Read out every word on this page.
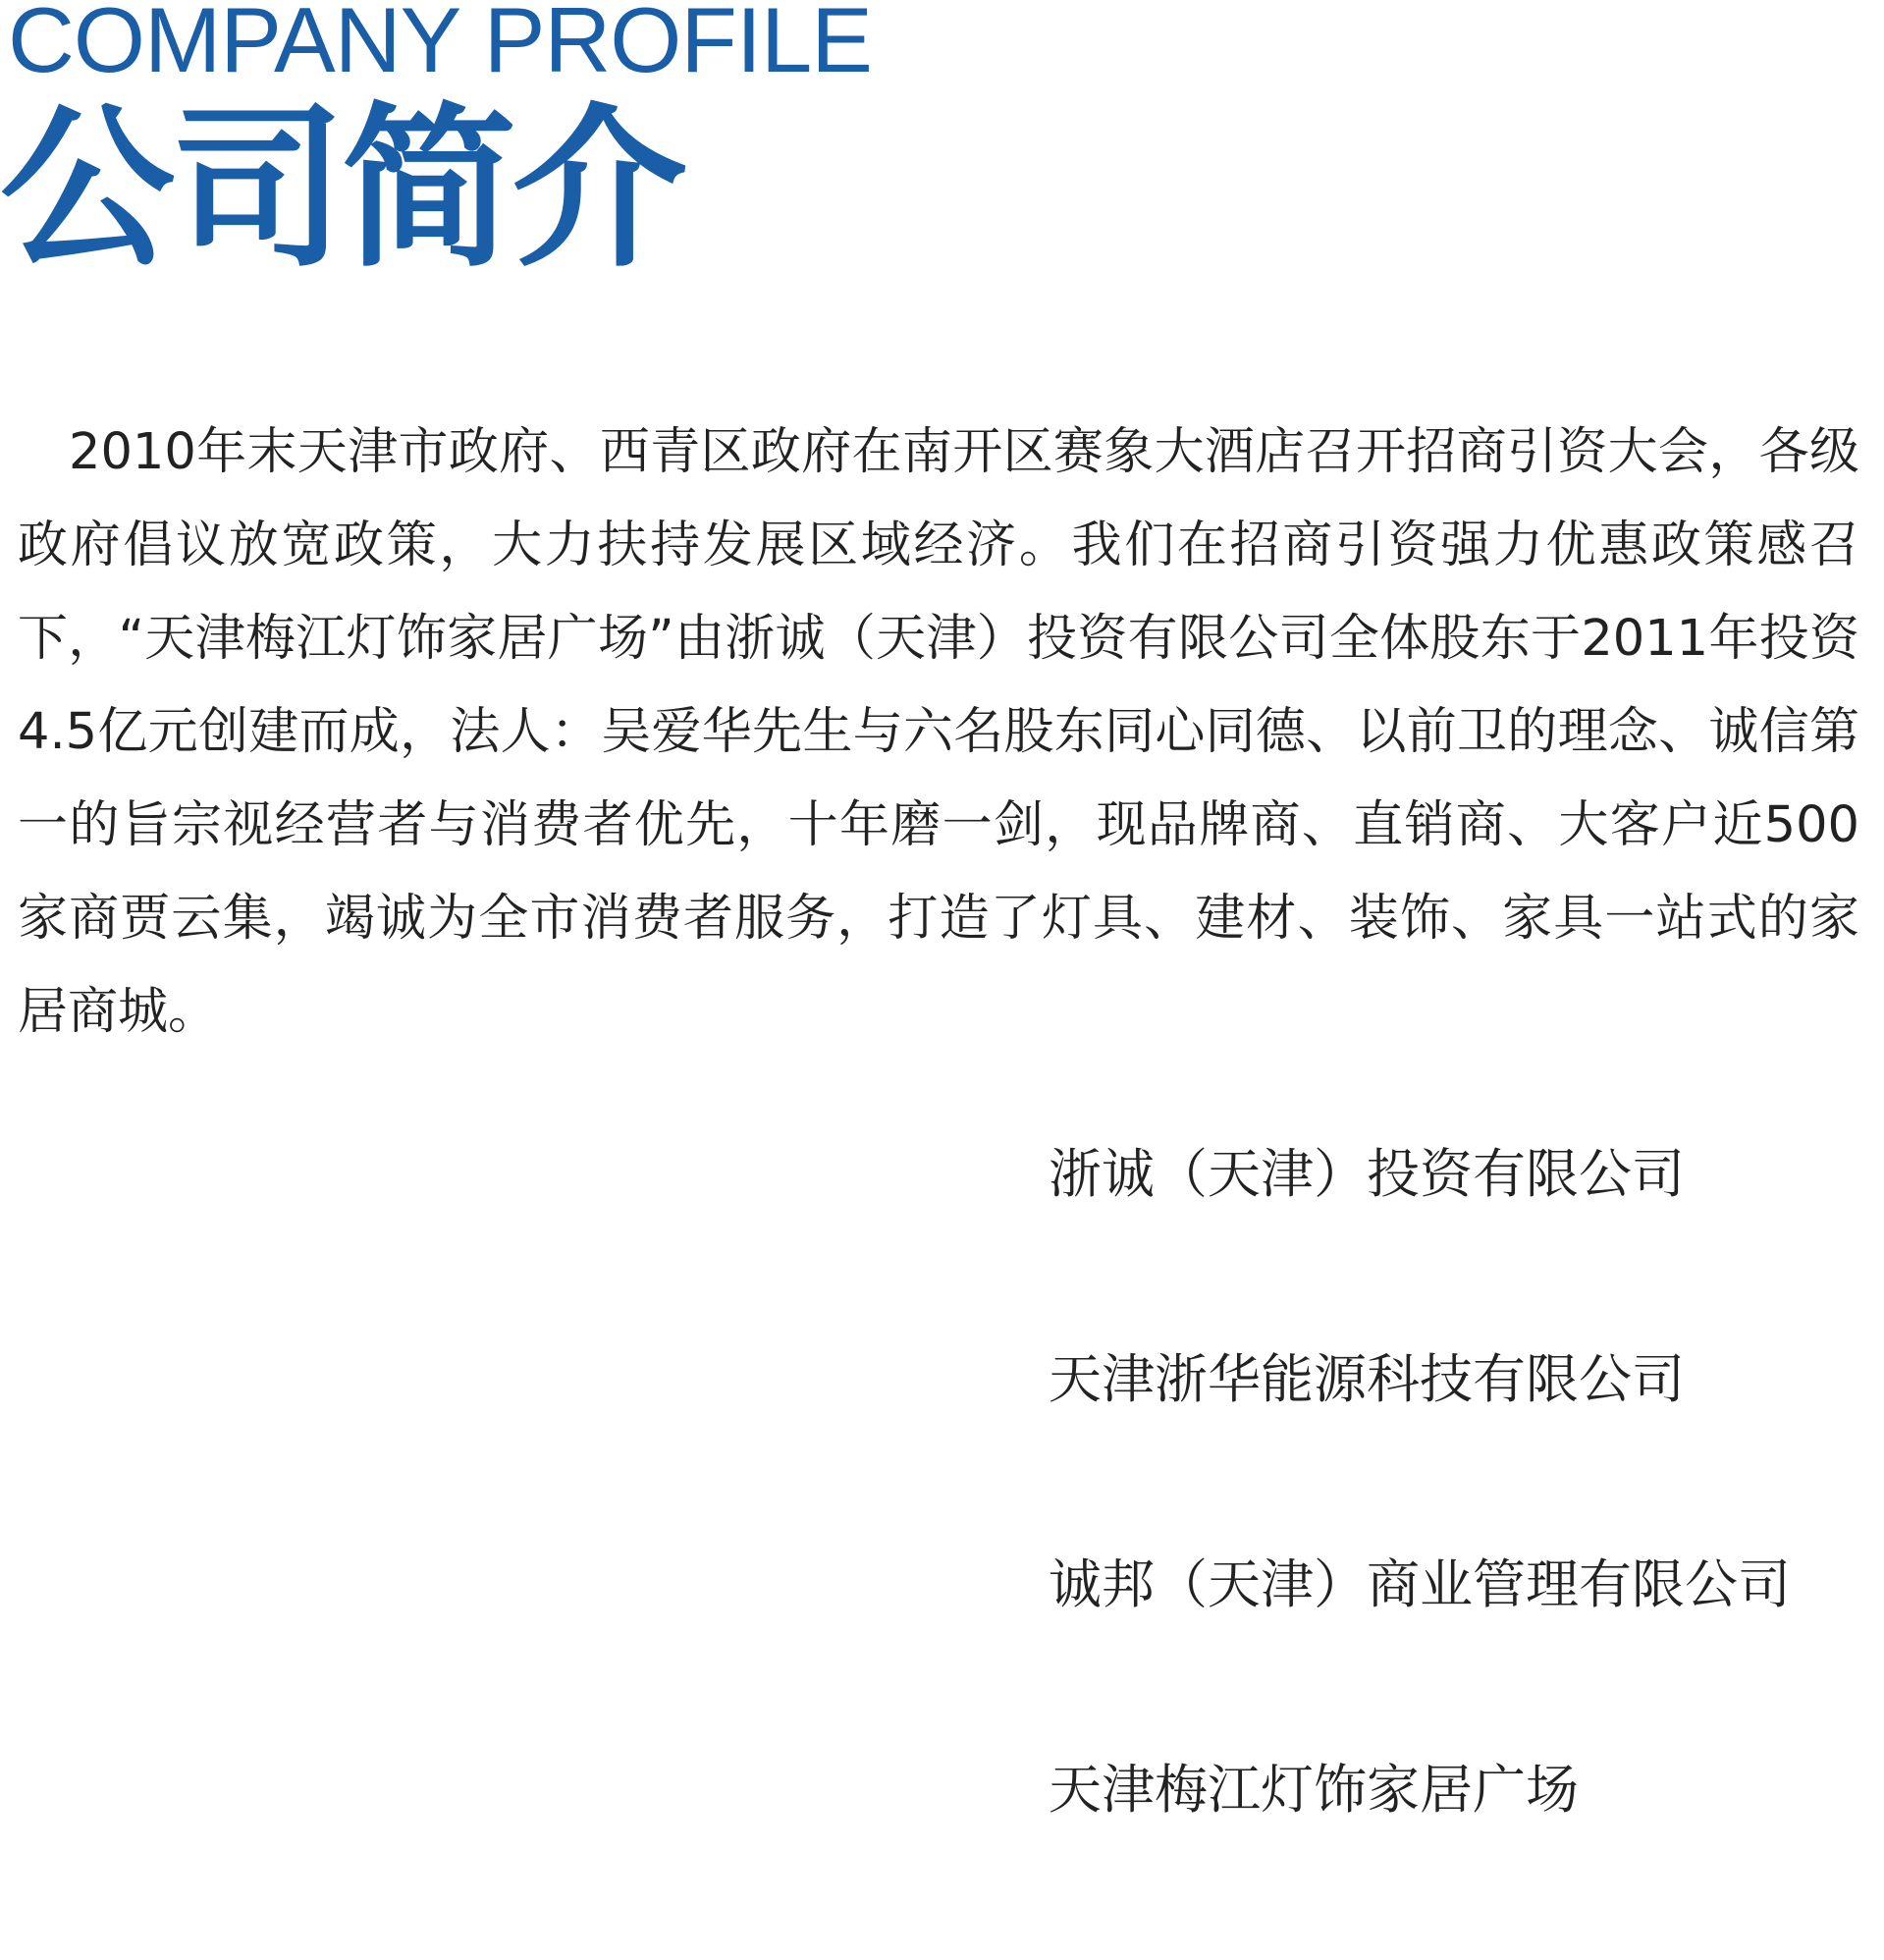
COMPANY PROFILE
公司简介

2010年末天津市政府、西青区政府在南开区赛象大酒店召开招商引资大会，各级政府倡议放宽政策，大力扶持发展区域经济。我们在招商引资强力优惠政策感召下，“天津梅江灯饰家居广场”由浙诚（天津）投资有限公司全体股东于2011年投资 4.5亿元创建而成，法人：吴爱华先生与六名股东同心同德、以前卫的理念、诚信第一的旨宗视经营者与消费者优先，十年磨一剑，现品牌商、直销商、大客户近500家商贾云集，竭诚为全市消费者服务，打造了灯具、建材、装饰、家具一站式的家居商城。

浙诚（天津）投资有限公司
天津浙华能源科技有限公司
诚邦（天津）商业管理有限公司
天津梅江灯饰家居广场
